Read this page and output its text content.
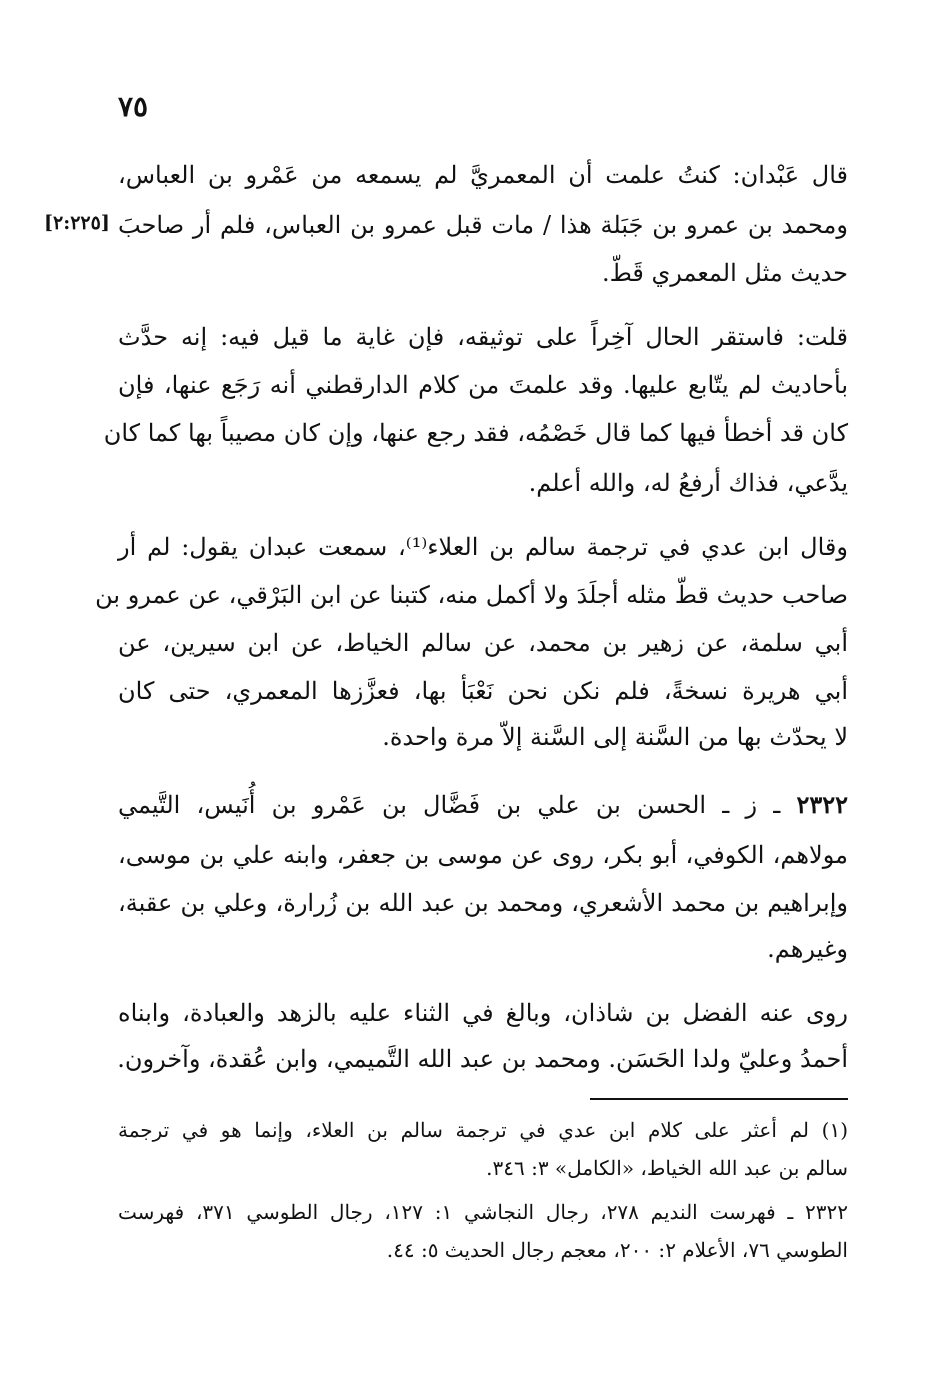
٧٥
[٢:٢٢٥]
قال عَبْدان: كنتُ علمت أن المعمريَّ لم يسمعه من عَمْرو بن العباس،
ومحمد بن عمرو بن جَبَلة هذا / مات قبل عمرو بن العباس، فلم أر صاحبَ
حديث مثل المعمري قَطّ.
قلت: فاستقر الحال آخِراً على توثيقه، فإن غاية ما قيل فيه: إنه حدَّث
بأحاديث لم يتّابع عليها. وقد علمتَ من كلام الدارقطني أنه رَجَع عنها، فإن
كان قد أخطأ فيها كما قال خَصْمُه، فقد رجع عنها، وإن كان مصيباً بها كما كان
يدَّعي، فذاك أرفعُ له، والله أعلم.
وقال ابن عدي في ترجمة سالم بن العلاء⁽¹⁾، سمعت عبدان يقول: لم أر
صاحب حديث قطّ مثله أجلَدَ ولا أكمل منه، كتبنا عن ابن البَرْقي، عن عمرو بن
أبي سلمة، عن زهير بن محمد، عن سالم الخياط، عن ابن سيرين، عن
أبي هريرة نسخةً، فلم نكن نحن نَعْبَأ بها، فعزَّزها المعمري، حتى كان
لا يحدّث بها من السَّنة إلى السَّنة إلاّ مرة واحدة.
٢٣٢٢ ـ ز ـ الحسن بن علي بن فَضَّال بن عَمْرو بن أُنَيس، التَّيمي
مولاهم، الكوفي، أبو بكر، روى عن موسى بن جعفر، وابنه علي بن موسى،
وإبراهيم بن محمد الأشعري، ومحمد بن عبد الله بن زُرارة، وعلي بن عقبة،
وغيرهم.
روى عنه الفضل بن شاذان، وبالغ في الثناء عليه بالزهد والعبادة، وابناه
أحمدُ وعليّ ولدا الحَسَن. ومحمد بن عبد الله التَّميمي، وابن عُقدة، وآخرون.
(١) لم أعثر على كلام ابن عدي في ترجمة سالم بن العلاء، وإنما هو في ترجمة
سالم بن عبد الله الخياط، «الكامل» ٣: ٣٤٦.
٢٣٢٢ ـ فهرست النديم ٢٧٨، رجال النجاشي ١: ١٢٧، رجال الطوسي ٣٧١، فهرست
الطوسي ٧٦، الأعلام ٢: ٢٠٠، معجم رجال الحديث ٥: ٤٤.
